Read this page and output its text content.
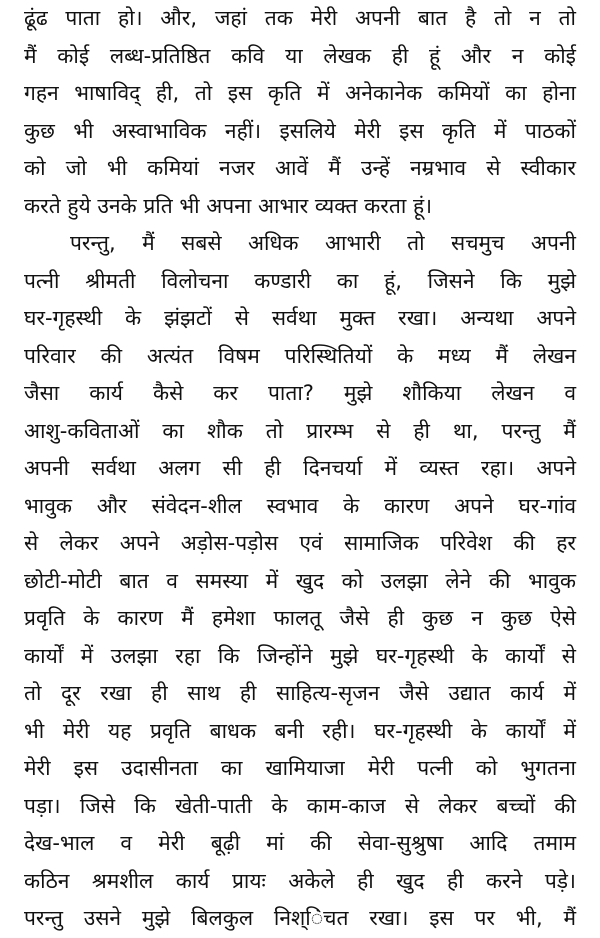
ढूंढ पाता हो। और, जहां तक मेरी अपनी बात है तो न तो
मैं कोई लब्ध-प्रतिष्ठित कवि या लेखक ही हूं और न कोई
गहन भाषाविद् ही, तो इस कृति में अनेकानेक कमियों का होना
कुछ भी अस्वाभाविक नहीं। इसलिये मेरी इस कृति में पाठकों
को जो भी कमियां नजर आवें मैं उन्हें नम्रभाव से स्वीकार
करते हुये उनके प्रति भी अपना आभार व्यक्त करता हूं।
परन्तु, मैं सबसे अधिक आभारी तो सचमुच अपनी
पत्नी श्रीमती विलोचना कण्डारी का हूं, जिसने कि मुझे
घर-गृहस्थी के झंझटों से सर्वथा मुक्त रखा। अन्यथा अपने
परिवार की अत्यंत विषम परिस्थितियों के मध्य मैं लेखन
जैसा कार्य कैसे कर पाता? मुझे शौकिया लेखन व
आशु-कविताओं का शौक तो प्रारम्भ से ही था, परन्तु मैं
अपनी सर्वथा अलग सी ही दिनचर्या में व्यस्त रहा। अपने
भावुक और संवेदन-शील स्वभाव के कारण अपने घर-गांव
से लेकर अपने अड़ोस-पड़ोस एवं सामाजिक परिवेश की हर
छोटी-मोटी बात व समस्या में खुद को उलझा लेने की भावुक
प्रवृति के कारण मैं हमेशा फालतू जैसे ही कुछ न कुछ ऐसे
कार्यों में उलझा रहा कि जिन्होंने मुझे घर-गृहस्थी के कार्यों से
तो दूर रखा ही साथ ही साहित्य-सृजन जैसे उद्यात कार्य में
भी मेरी यह प्रवृति बाधक बनी रही। घर-गृहस्थी के कार्यों में
मेरी इस उदासीनता का खामियाजा मेरी पत्नी को भुगतना
पड़ा। जिसे कि खेती-पाती के काम-काज से लेकर बच्चों की
देख-भाल व मेरी बूढ़ी मां की सेवा-सुश्रुषा आदि तमाम
कठिन श्रमशील कार्य प्रायः अकेले ही खुद ही करने पड़े।
परन्तु उसने मुझे बिलकुल निश्िंचत रखा। इस पर भी, मैं
